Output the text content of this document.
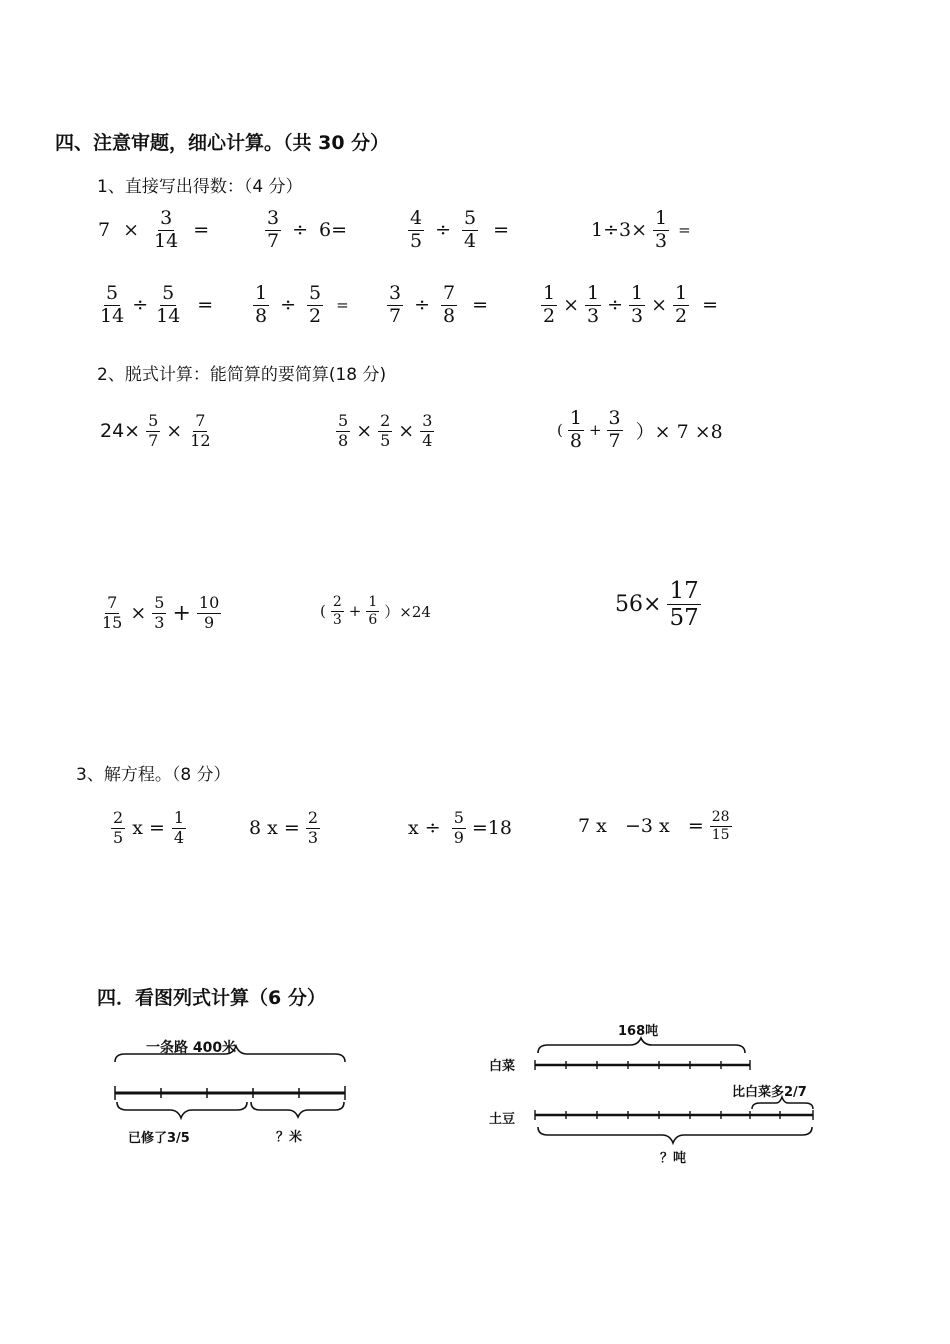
四、注意审题，细心计算。（共 30 分）
1、直接写出得数：（4 分）
$7 \times \frac{3}{14}$ =	$\frac{3}{7} \div 6=$	$\frac{4}{5} \div \frac{5}{4}$ =	$1\div 3\times \frac{1}{3}$ =
$\frac{5}{14} \div \frac{5}{14} = \frac{1}{8} \div \frac{5}{2} = \frac{3}{7} \div \frac{7}{8}$ =	$\frac{1}{2} \times \frac{1}{3} \div \frac{1}{3} \times \frac{1}{2}$ =
2、脱式计算：能简算的要简算(18 分)
$24\times \frac{5}{7} \times \frac{7}{12}$	$\frac{5}{8} \times \frac{2}{5} \times \frac{3}{4}$	( $\frac{1}{8} + \frac{3}{7}$ ）× 7 ×8
$\frac{7}{15} \times \frac{5}{3} + \frac{10}{9}$	( $\frac{2}{3} + \frac{1}{6} )\times 24$	$56\times \frac{17}{57}$
3、解方程。（8 分）
$\frac{2}{5}$ $x = \frac{1}{4}$	8 $x = \frac{2}{3}$	$x \div \frac{5}{9} =18$	7 x   −3 $x = \frac{28}{15}$
四．看图列式计算（6 分）
一条路 400米
已修了3/5	？米
168吨
白菜
土豆
比白菜多2/7
？吨
